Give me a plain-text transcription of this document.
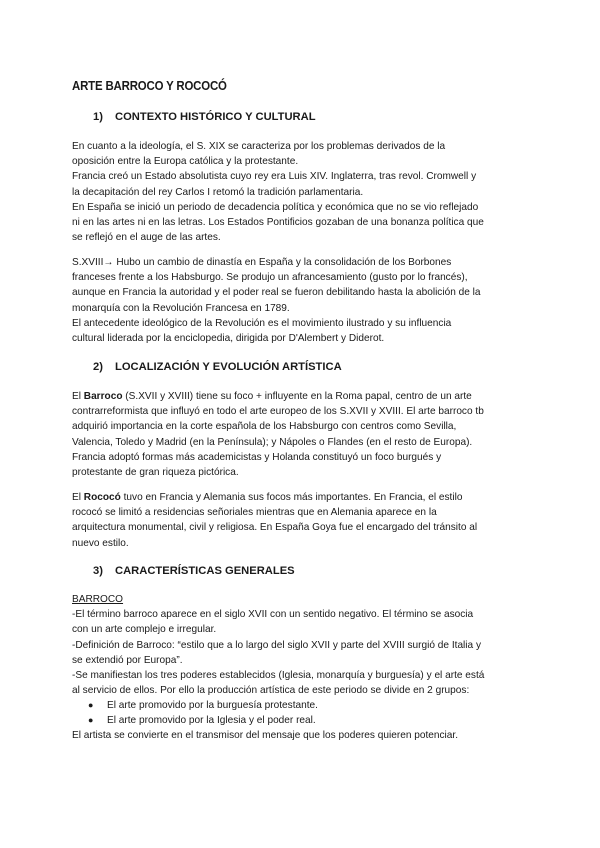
ARTE BARROCO Y ROCOCÓ
1) CONTEXTO HISTÓRICO Y CULTURAL
En cuanto a la ideología, el S. XIX se caracteriza por los problemas derivados de la
oposición entre la Europa católica y la protestante.
Francia creó un Estado absolutista cuyo rey era Luis XIV. Inglaterra, tras revol. Cromwell y
la decapitación del rey Carlos I retomó la tradición parlamentaria.
En España se inició un periodo de decadencia política y económica que no se vio reflejado
ni en las artes ni en las letras. Los Estados Pontificios gozaban de una bonanza política que
se reflejó en el auge de las artes.
S.XVIII→ Hubo un cambio de dinastía en España y la consolidación de los Borbones
franceses frente a los Habsburgo. Se produjo un afrancesamiento (gusto por lo francés),
aunque en Francia la autoridad y el poder real se fueron debilitando hasta la abolición de la
monarquía con la Revolución Francesa en 1789.
El antecedente ideológico de la Revolución es el movimiento ilustrado y su influencia
cultural liderada por la enciclopedia, dirigida por D'Alembert y Diderot.
2) LOCALIZACIÓN Y EVOLUCIÓN ARTÍSTICA
El Barroco (S.XVII y XVIII) tiene su foco + influyente en la Roma papal, centro de un arte
contrarreformista que influyó en todo el arte europeo de los S.XVII y XVIII. El arte barroco tb
adquirió importancia en la corte española de los Habsburgo con centros como Sevilla,
Valencia, Toledo y Madrid (en la Península); y Nápoles o Flandes (en el resto de Europa).
Francia adoptó formas más academicistas y Holanda constituyó un foco burgués y
protestante de gran riqueza pictórica.
El Rococó tuvo en Francia y Alemania sus focos más importantes. En Francia, el estilo
rococó se limitó a residencias señoriales mientras que en Alemania aparece en la
arquitectura monumental, civil y religiosa. En España Goya fue el encargado del tránsito al
nuevo estilo.
3) CARACTERÍSTICAS GENERALES
BARROCO
-El término barroco aparece en el siglo XVII con un sentido negativo. El término se asocia
con un arte complejo e irregular.
-Definición de Barroco: “estilo que a lo largo del siglo XVII y parte del XVIII surgió de Italia y
se extendió por Europa”.
-Se manifiestan los tres poderes establecidos (Iglesia, monarquía y burguesía) y el arte está
al servicio de ellos. Por ello la producción artística de este periodo se divide en 2 grupos:
● El arte promovido por la burguesía protestante.
● El arte promovido por la Iglesia y el poder real.
El artista se convierte en el transmisor del mensaje que los poderes quieren potenciar.
